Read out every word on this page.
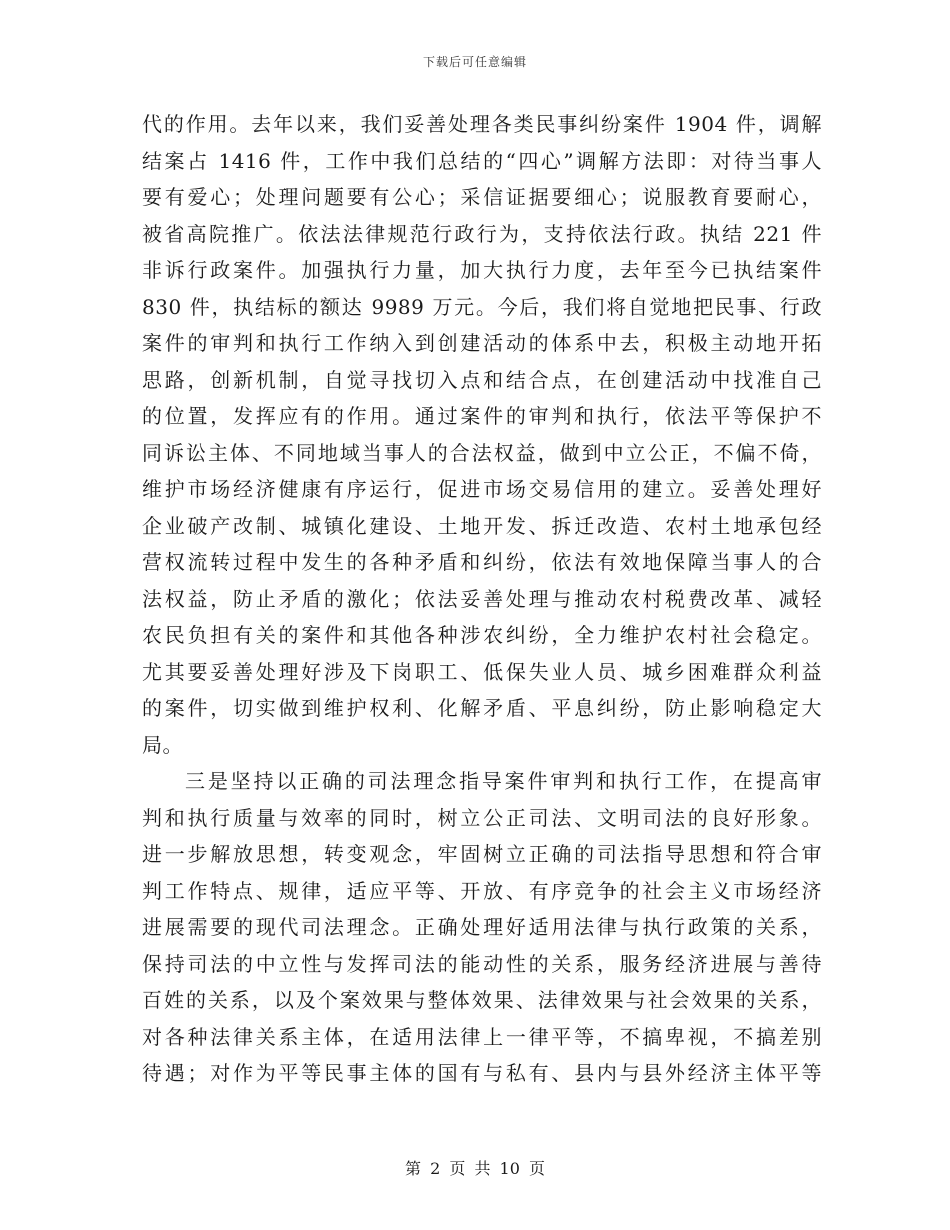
下载后可任意编辑
代的作用。去年以来，我们妥善处理各类民事纠纷案件 1904 件，调解
结案占 1416 件，工作中我们总结的“四心”调解方法即：对待当事人
要有爱心；处理问题要有公心；采信证据要细心；说服教育要耐心，
被省高院推广。依法法律规范行政行为，支持依法行政。执结 221 件
非诉行政案件。加强执行力量，加大执行力度，去年至今已执结案件
830 件，执结标的额达 9989 万元。今后，我们将自觉地把民事、行政
案件的审判和执行工作纳入到创建活动的体系中去，积极主动地开拓
思路，创新机制，自觉寻找切入点和结合点，在创建活动中找准自己
的位置，发挥应有的作用。通过案件的审判和执行，依法平等保护不
同诉讼主体、不同地域当事人的合法权益，做到中立公正，不偏不倚，
维护市场经济健康有序运行，促进市场交易信用的建立。妥善处理好
企业破产改制、城镇化建设、土地开发、拆迁改造、农村土地承包经
营权流转过程中发生的各种矛盾和纠纷，依法有效地保障当事人的合
法权益，防止矛盾的激化；依法妥善处理与推动农村税费改革、减轻
农民负担有关的案件和其他各种涉农纠纷，全力维护农村社会稳定。
尤其要妥善处理好涉及下岗职工、低保失业人员、城乡困难群众利益
的案件，切实做到维护权利、化解矛盾、平息纠纷，防止影响稳定大
局。
三是坚持以正确的司法理念指导案件审判和执行工作，在提高审
判和执行质量与效率的同时，树立公正司法、文明司法的良好形象。
进一步解放思想，转变观念，牢固树立正确的司法指导思想和符合审
判工作特点、规律，适应平等、开放、有序竞争的社会主义市场经济
进展需要的现代司法理念。正确处理好适用法律与执行政策的关系，
保持司法的中立性与发挥司法的能动性的关系，服务经济进展与善待
百姓的关系，以及个案效果与整体效果、法律效果与社会效果的关系，
对各种法律关系主体，在适用法律上一律平等，不搞卑视，不搞差别
待遇；对作为平等民事主体的国有与私有、县内与县外经济主体平等
第 2 页 共 10 页
